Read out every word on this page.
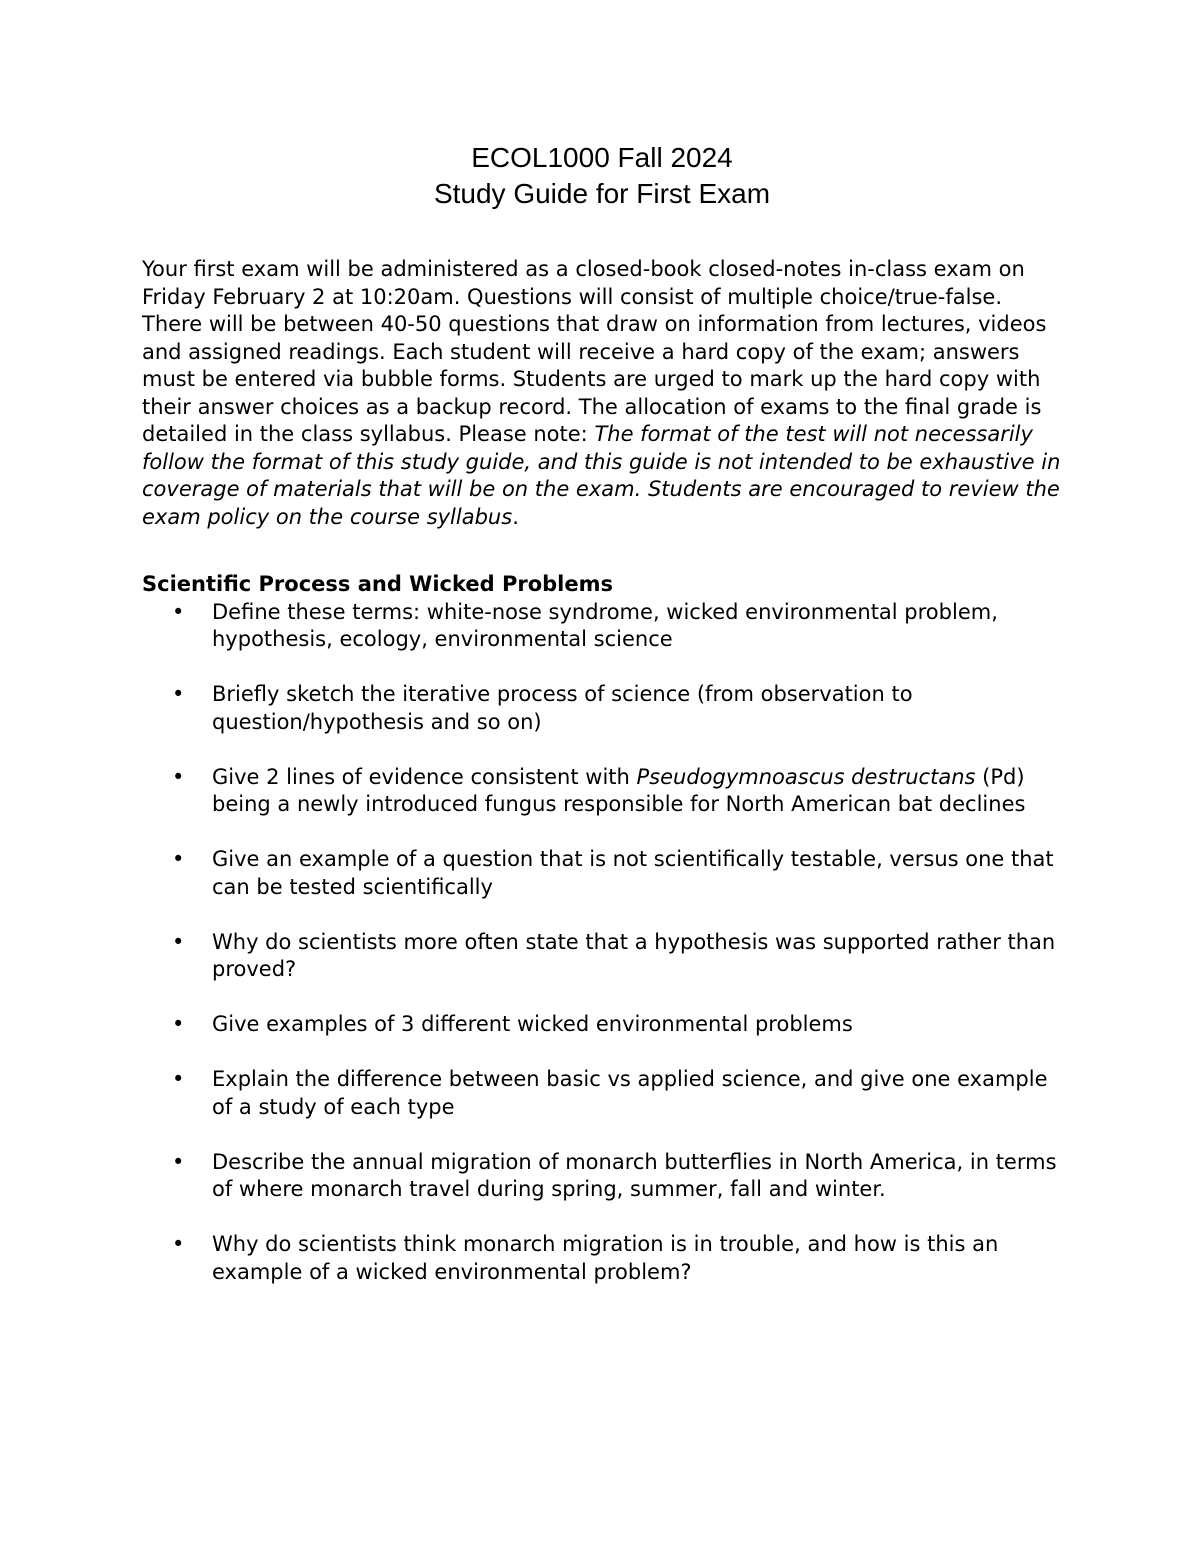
ECOL1000 Fall 2024
Study Guide for First Exam

Your first exam will be administered as a closed-book closed-notes in-class exam on Friday February 2 at 10:20am. Questions will consist of multiple choice/true-false. There will be between 40-50 questions that draw on information from lectures, videos and assigned readings. Each student will receive a hard copy of the exam; answers must be entered via bubble forms. Students are urged to mark up the hard copy with their answer choices as a backup record. The allocation of exams to the final grade is detailed in the class syllabus. Please note: The format of the test will not necessarily follow the format of this study guide, and this guide is not intended to be exhaustive in coverage of materials that will be on the exam. Students are encouraged to review the exam policy on the course syllabus.

Scientific Process and Wicked Problems
• Define these terms: white-nose syndrome, wicked environmental problem, hypothesis, ecology, environmental science
• Briefly sketch the iterative process of science (from observation to question/hypothesis and so on)
• Give 2 lines of evidence consistent with Pseudogymnoascus destructans (Pd) being a newly introduced fungus responsible for North American bat declines
• Give an example of a question that is not scientifically testable, versus one that can be tested scientifically
• Why do scientists more often state that a hypothesis was supported rather than proved?
• Give examples of 3 different wicked environmental problems
• Explain the difference between basic vs applied science, and give one example of a study of each type
• Describe the annual migration of monarch butterflies in North America, in terms of where monarch travel during spring, summer, fall and winter.
• Why do scientists think monarch migration is in trouble, and how is this an example of a wicked environmental problem?
